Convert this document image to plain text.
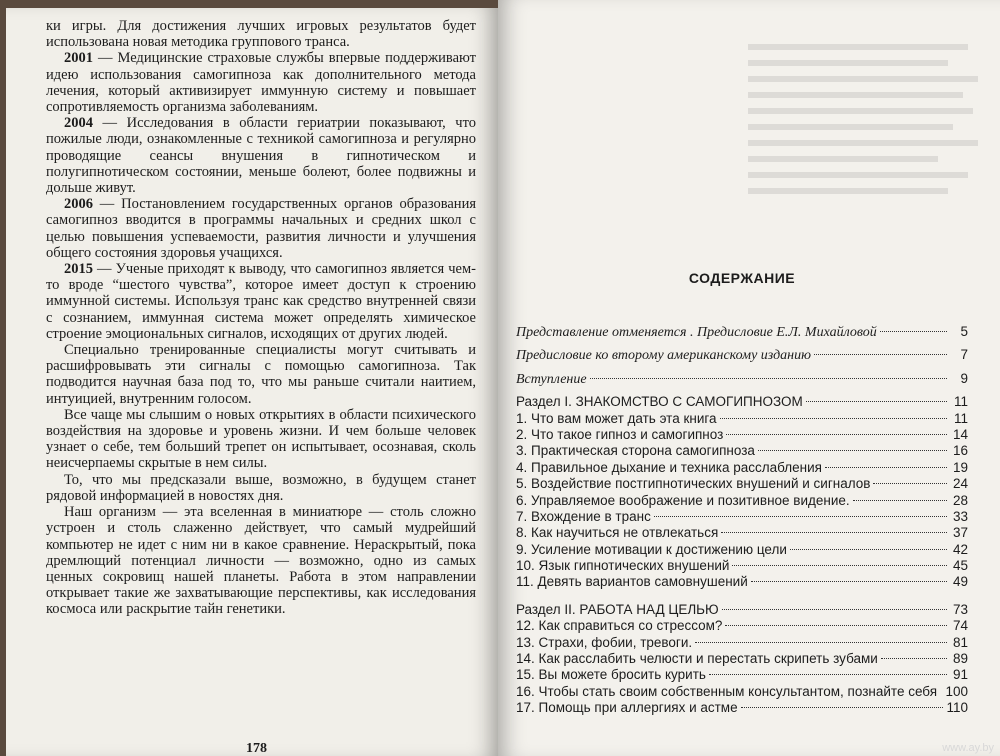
ки игры. Для достижения лучших игровых результатов будет использована новая методика группового транса.

2001 — Медицинские страховые службы впервые поддерживают идею использования самогипноза как дополнительного метода лечения, который активизирует иммунную систему и повышает сопротивляемость организма заболеваниям.

2004 — Исследования в области гериатрии показывают, что пожилые люди, ознакомленные с техникой самогипноза и регулярно проводящие сеансы внушения в гипнотическом и полугипнотическом состоянии, меньше болеют, более подвижны и дольше живут.

2006 — Постановлением государственных органов образования самогипноз вводится в программы начальных и средних школ с целью повышения успеваемости, развития личности и улучшения общего состояния здоровья учащихся.

2015 — Ученые приходят к выводу, что самогипноз является чем-то вроде “шестого чувства”, которое имеет доступ к строению иммунной системы. Используя транс как средство внутренней связи с сознанием, иммунная система может определять химическое строение эмоциональных сигналов, исходящих от других людей.

Специально тренированные специалисты могут считывать и расшифровывать эти сигналы с помощью самогипноза. Так подводится научная база под то, что мы раньше считали наитием, интуицией, внутренним голосом.

Все чаще мы слышим о новых открытиях в области психического воздействия на здоровье и уровень жизни. И чем больше человек узнает о себе, тем больший трепет он испытывает, осознавая, сколь неисчерпаемы скрытые в нем силы.

То, что мы предсказали выше, возможно, в будущем станет рядовой информацией в новостях дня.

Наш организм — эта вселенная в миниатюре — столь сложно устроен и столь слаженно действует, что самый мудрейший компьютер не идет с ним ни в какое сравнение. Нераскрытый, пока дремлющий потенциал личности — возможно, одно из самых ценных сокровищ нашей планеты. Работа в этом направлении открывает такие же захватывающие перспективы, как исследования космоса или раскрытие тайн генетики.

178
СОДЕРЖАНИЕ
Представление отменяется . Предисловие Е.Л. Михайловой	5
Предисловие ко второму американскому изданию	7
Вступление	9
Раздел I. ЗНАКОМСТВО С САМОГИПНОЗОМ	11
1. Что вам может дать эта книга	11
2. Что такое гипноз и самогипноз	14
3. Практическая сторона самогипноза	16
4. Правильное дыхание и техника расслабления	19
5. Воздействие постгипнотических внушений и сигналов	24
6. Управляемое воображение и позитивное видение.	28
7. Вхождение в транс	33
8. Как научиться не отвлекаться	37
9. Усиление мотивации к достижению цели	42
10. Язык гипнотических внушений	45
11. Девять вариантов самовнушений	49
Раздел II. РАБОТА НАД ЦЕЛЬЮ	73
12. Как справиться со стрессом?	74
13. Страхи, фобии, тревоги.	81
14. Как расслабить челюсти и перестать скрипеть зубами	89
15. Вы можете бросить курить	91
16. Чтобы стать своим собственным консультантом, познайте себя 100
17. Помощь при аллергиях и астме	110
www.ay.by
